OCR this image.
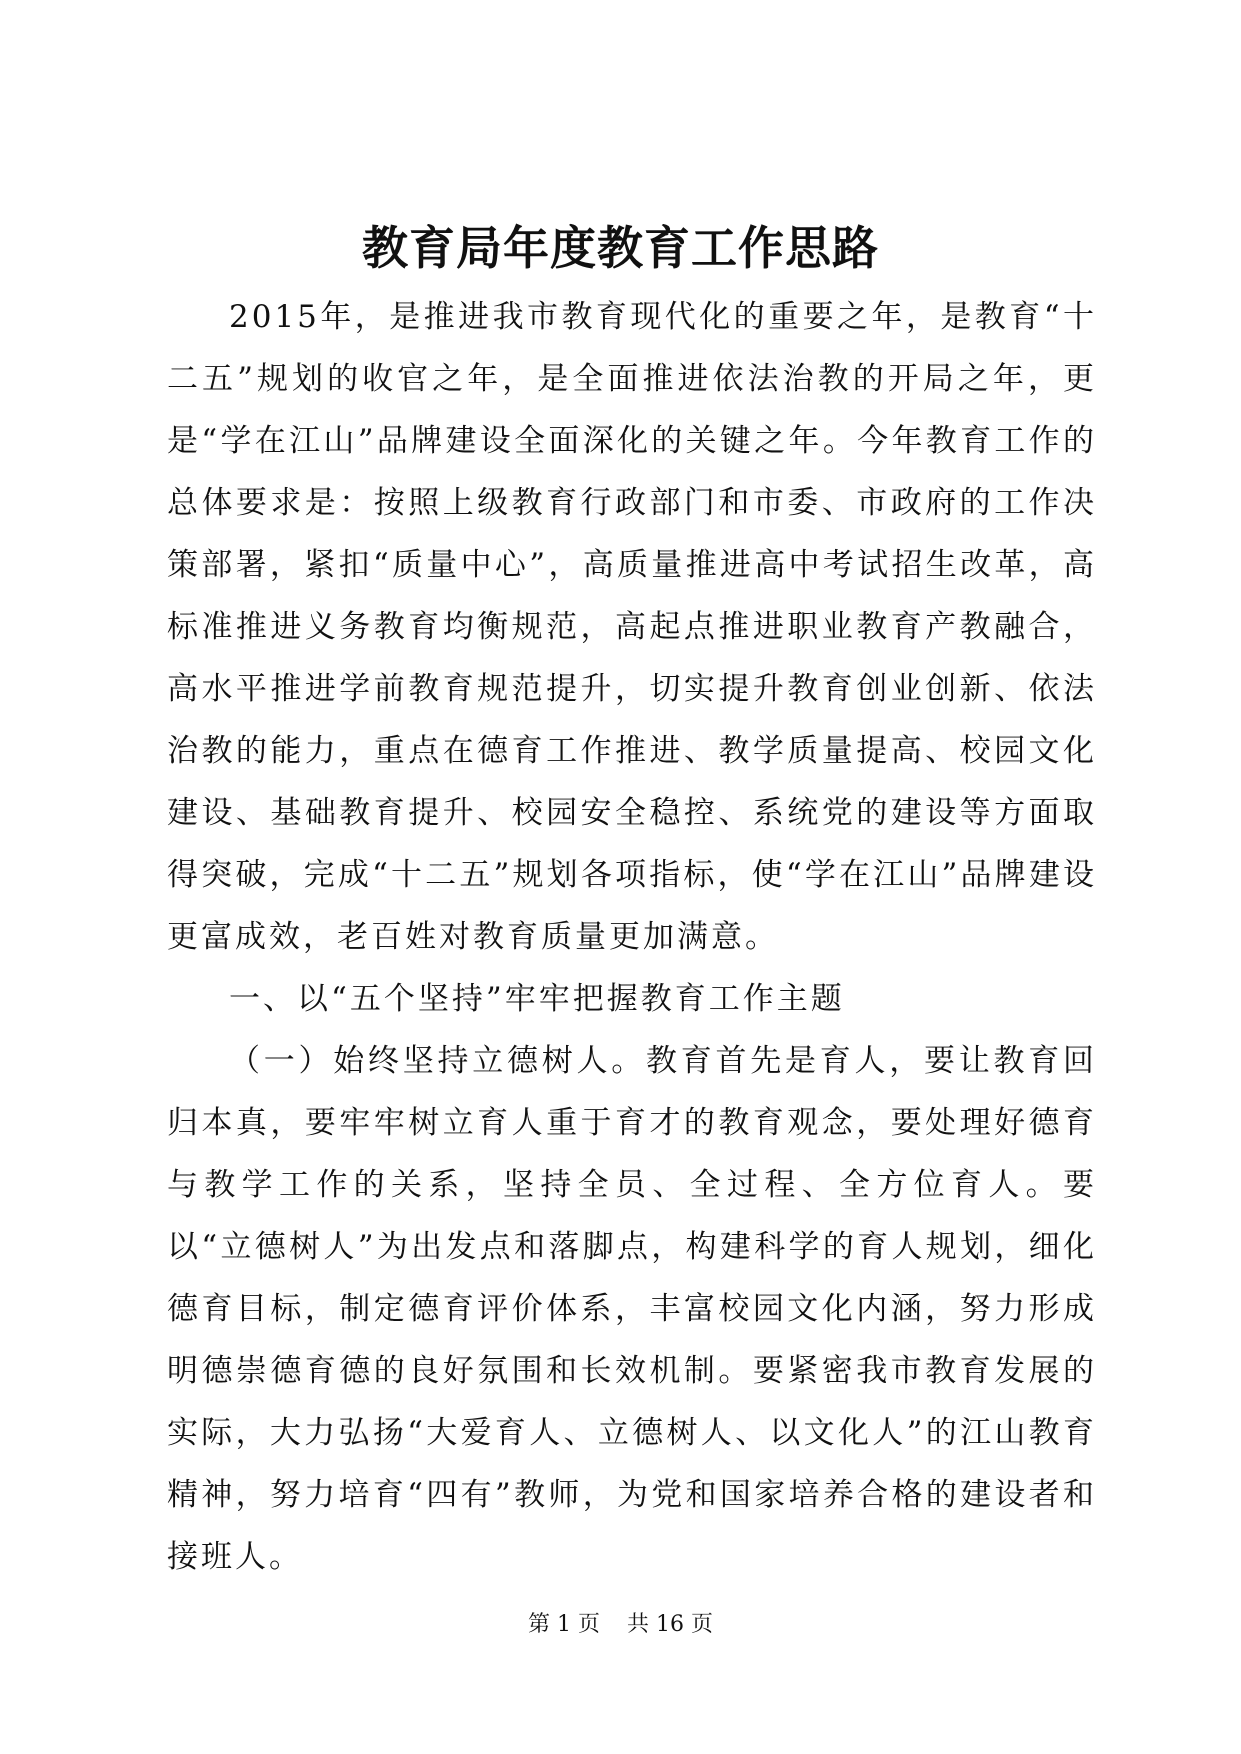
教育局年度教育工作思路

2015年，是推进我市教育现代化的重要之年，是教育“十二五”规划的收官之年，是全面推进依法治教的开局之年，更是“学在江山”品牌建设全面深化的关键之年。今年教育工作的总体要求是：按照上级教育行政部门和市委、市政府的工作决策部署，紧扣“质量中心”，高质量推进高中考试招生改革，高标准推进义务教育均衡规范，高起点推进职业教育产教融合，高水平推进学前教育规范提升，切实提升教育创业创新、依法治教的能力，重点在德育工作推进、教学质量提高、校园文化建设、基础教育提升、校园安全稳控、系统党的建设等方面取得突破，完成“十二五”规划各项指标，使“学在江山”品牌建设更富成效，老百姓对教育质量更加满意。

一、以“五个坚持”牢牢把握教育工作主题

（一）始终坚持立德树人。教育首先是育人，要让教育回归本真，要牢牢树立育人重于育才的教育观念，要处理好德育与教学工作的关系，坚持全员、全过程、全方位育人。要以“立德树人”为出发点和落脚点，构建科学的育人规划，细化德育目标，制定德育评价体系，丰富校园文化内涵，努力形成明德崇德育德的良好氛围和长效机制。要紧密我市教育发展的实际，大力弘扬“大爱育人、立德树人、以文化人”的江山教育精神，努力培育“四有”教师，为党和国家培养合格的建设者和接班人。

第 1 页 共 16 页
